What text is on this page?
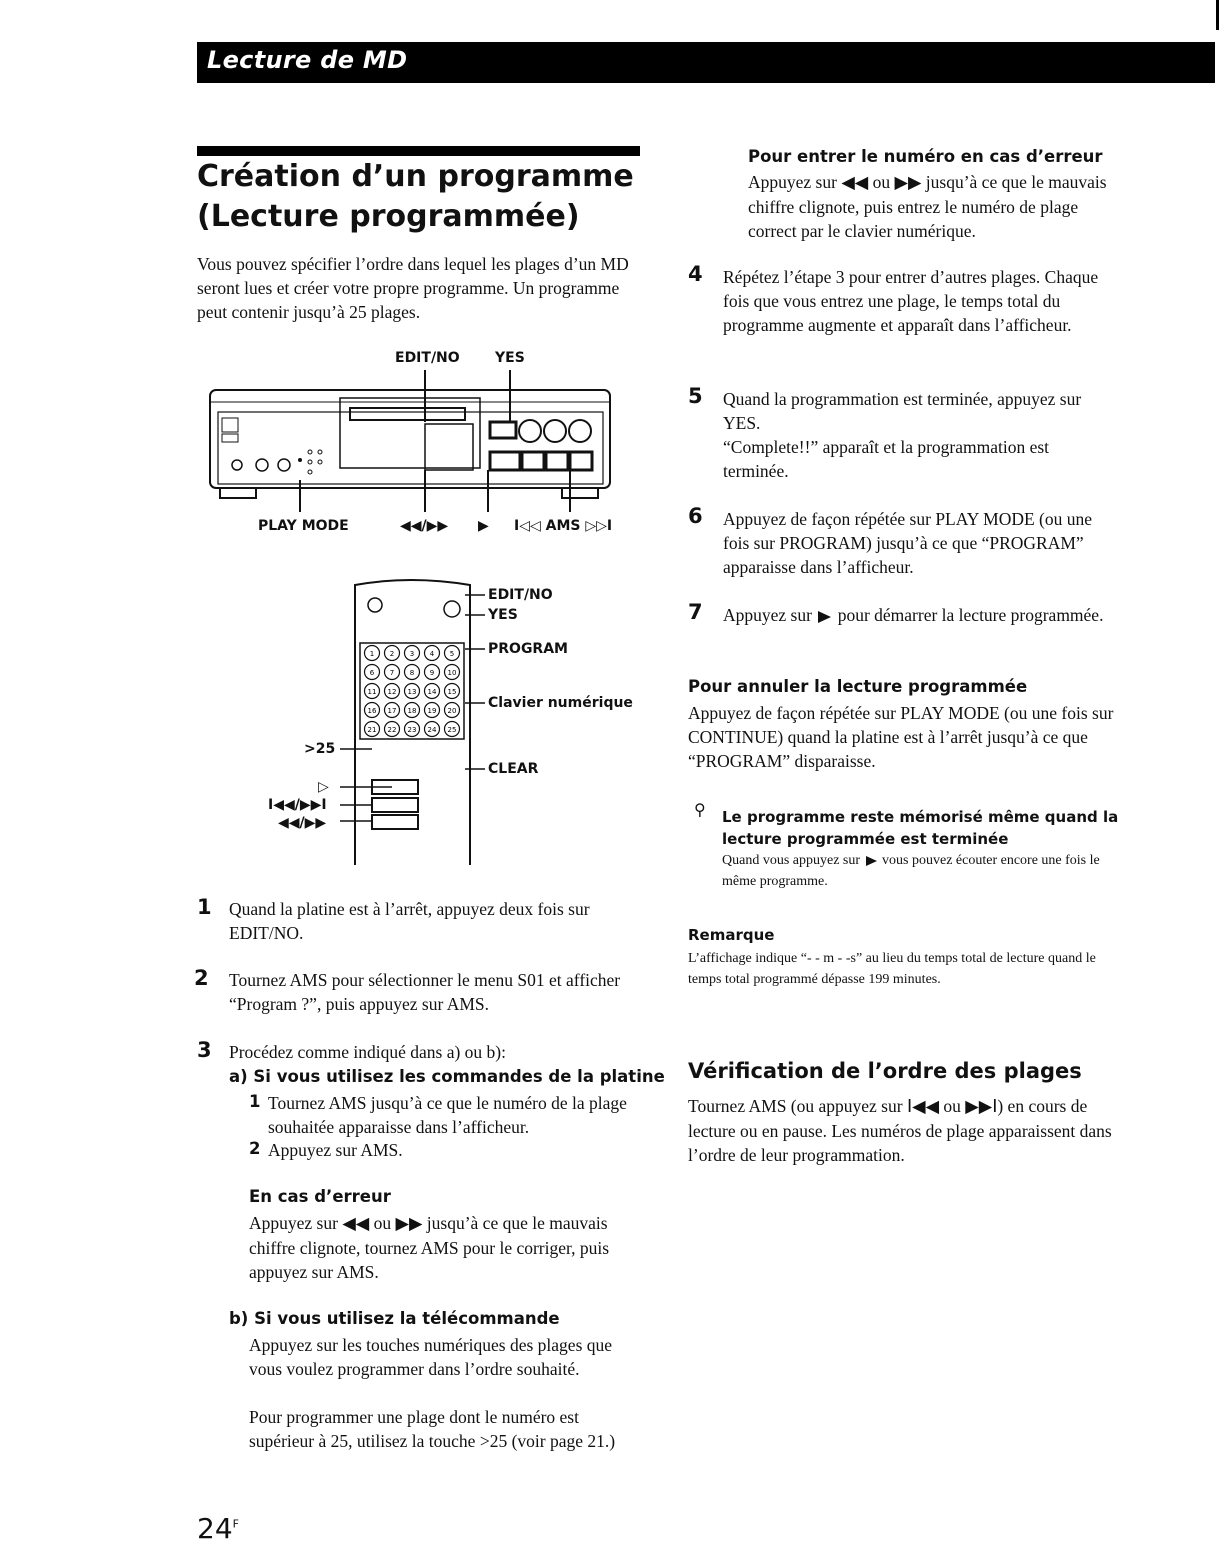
Lecture de MD
Création d’un programme
(Lecture programmée)

Vous pouvez spécifier l’ordre dans lequel les plages d’un MD seront lues et créer votre propre programme. Un programme peut contenir jusqu’à 25 plages.

EDIT/NO	YES
PLAY MODE	◀◀/▶▶ ▶ I◁◁ AMS ▷▷I
1 2 3 4 5
6 7 8 9 10
11 12 13 14 15
16 17 18 19 20
21 22 23 24 25
EDIT/NO
YES
PROGRAM
Clavier numérique
CLEAR
>25
▷
I◀◀/▶▶I
◀◀/▶▶
1 Quand la platine est à l’arrêt, appuyez deux fois sur EDIT/NO.

2 Tournez AMS pour sélectionner le menu S01 et afficher “Program ?”, puis appuyez sur AMS.

3 Procédez comme indiqué dans a) ou b):

a) Si vous utilisez les commandes de la platine
1 Tournez AMS jusqu’à ce que le numéro de la plage souhaitée apparaisse dans l’afficheur.

2 Appuyez sur AMS.

En cas d’erreur

Appuyez sur ◀◀ ou ▶▶ jusqu’à ce que le mauvais chiffre clignote, tournez AMS pour le corriger, puis appuyez sur AMS.

b) Si vous utilisez la télécommande

Appuyez sur les touches numériques des plages que vous voulez programmer dans l’ordre souhaité.

Pour programmer une plage dont le numéro est supérieur à 25, utilisez la touche >25 (voir page 21.)

Pour entrer le numéro en cas d’erreur

Appuyez sur ◀◀ ou ▶▶ jusqu’à ce que le mauvais chiffre clignote, puis entrez le numéro de plage correct par le clavier numérique.

4 Répétez l’étape 3 pour entrer d’autres plages. Chaque fois que vous entrez une plage, le temps total du programme augmente et apparaît dans l’afficheur.

5 Quand la programmation est terminée, appuyez sur YES.

“Complete!!” apparaît et la programmation est terminée.

6 Appuyez de façon répétée sur PLAY MODE (ou une fois sur PROGRAM) jusqu’à ce que “PROGRAM” apparaisse dans l’afficheur.

7 Appuyez sur pour démarrer la lecture programmée.

Pour annuler la lecture programmée

Appuyez de façon répétée sur PLAY MODE (ou une fois sur CONTINUE) quand la platine est à l’arrêt jusqu’à ce que “PROGRAM” disparaisse.

⚲ Le programme reste mémorisé même quand la lecture programmée est terminée

Quand vous appuyez sur vous pouvez écouter encore une fois le même programme.

Remarque

L’affichage indique “- - m - -s” au lieu du temps total de lecture quand le temps total programmé dépasse 199 minutes.

Vérification de l’ordre des plages

Tournez AMS (ou appuyez sur I◀◀ ou ▶▶I) en cours de lecture ou en pause. Les numéros de plage apparaissent dans l’ordre de leur programmation.

$24^F$
